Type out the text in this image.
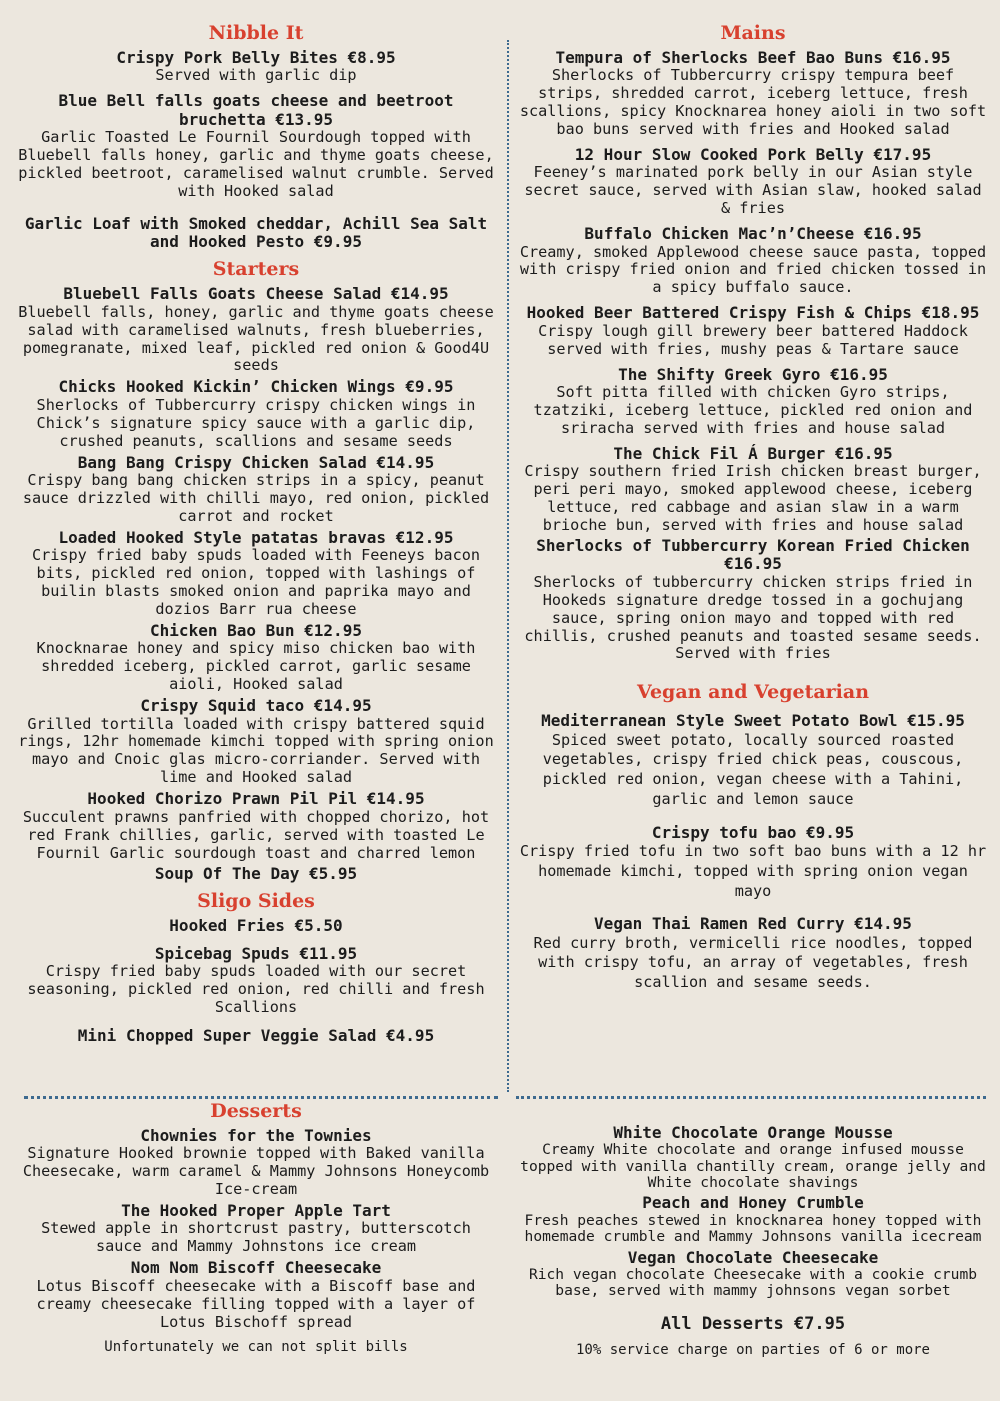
Nibble It
Crispy Pork Belly Bites €8.95
Served with garlic dip
Blue Bell falls goats cheese and beetroot bruchetta €13.95
Garlic Toasted Le Fournil Sourdough topped with Bluebell falls honey, garlic and thyme goats cheese, pickled beetroot, caramelised walnut crumble. Served with Hooked salad
Garlic Loaf with Smoked cheddar, Achill Sea Salt and Hooked Pesto €9.95
Starters
Bluebell Falls Goats Cheese Salad €14.95
Bluebell falls, honey, garlic and thyme goats cheese salad with caramelised walnuts, fresh blueberries, pomegranate, mixed leaf, pickled red onion & Good4U seeds
Chicks Hooked Kickin’ Chicken Wings €9.95
Sherlocks of Tubbercurry crispy chicken wings in Chick’s signature spicy sauce with a garlic dip, crushed peanuts, scallions and sesame seeds
Bang Bang Crispy Chicken Salad €14.95
Crispy bang bang chicken strips in a spicy, peanut sauce drizzled with chilli mayo, red onion, pickled carrot and rocket
Loaded Hooked Style patatas bravas €12.95
Crispy fried baby spuds loaded with Feeneys bacon bits, pickled red onion, topped with lashings of builin blasts smoked onion and paprika mayo and dozios Barr rua cheese
Chicken Bao Bun €12.95
Knocknarae honey and spicy miso chicken bao with shredded iceberg, pickled carrot, garlic sesame aioli, Hooked salad
Crispy Squid taco €14.95
Grilled tortilla loaded with crispy battered squid rings, 12hr homemade kimchi topped with spring onion mayo and Cnoic glas micro-corriander. Served with lime and Hooked salad
Hooked Chorizo Prawn Pil Pil €14.95
Succulent prawns panfried with chopped chorizo, hot red Frank chillies, garlic, served with toasted Le Fournil Garlic sourdough toast and charred lemon
Soup Of The Day €5.95
Sligo Sides
Hooked Fries €5.50
Spicebag Spuds €11.95
Crispy fried baby spuds loaded with our secret seasoning, pickled red onion, red chilli and fresh Scallions
Mini Chopped Super Veggie Salad €4.95
Mains
Tempura of Sherlocks Beef Bao Buns €16.95
Sherlocks of Tubbercurry crispy tempura beef strips, shredded carrot, iceberg lettuce, fresh scallions, spicy Knocknarea honey aioli in two soft bao buns served with fries and Hooked salad
12 Hour Slow Cooked Pork Belly €17.95
Feeney’s marinated pork belly in our Asian style secret sauce, served with Asian slaw, hooked salad & fries
Buffalo Chicken Mac’n’Cheese €16.95
Creamy, smoked Applewood cheese sauce pasta, topped with crispy fried onion and fried chicken tossed in a spicy buffalo sauce.
Hooked Beer Battered Crispy Fish & Chips €18.95
Crispy lough gill brewery beer battered Haddock served with fries, mushy peas & Tartare sauce
The Shifty Greek Gyro €16.95
Soft pitta filled with chicken Gyro strips, tzatziki, iceberg lettuce, pickled red onion and sriracha served with fries and house salad
The Chick Fil Á Burger €16.95
Crispy southern fried Irish chicken breast burger, peri peri mayo, smoked applewood cheese, iceberg lettuce, red cabbage and asian slaw in a warm brioche bun, served with fries and house salad
Sherlocks of Tubbercurry Korean Fried Chicken €16.95
Sherlocks of tubbercurry chicken strips fried in Hookeds signature dredge tossed in a gochujang sauce, spring onion mayo and topped with red chillis, crushed peanuts and toasted sesame seeds. Served with fries
Vegan and Vegetarian
Mediterranean Style Sweet Potato Bowl €15.95
Spiced sweet potato, locally sourced roasted vegetables, crispy fried chick peas, couscous, pickled red onion, vegan cheese with a Tahini, garlic and lemon sauce
Crispy tofu bao €9.95
Crispy fried tofu in two soft bao buns with a 12 hr homemade kimchi, topped with spring onion vegan mayo
Vegan Thai Ramen Red Curry €14.95
Red curry broth, vermicelli rice noodles, topped with crispy tofu, an array of vegetables, fresh scallion and sesame seeds.
Desserts
Chownies for the Townies
Signature Hooked brownie topped with Baked vanilla Cheesecake, warm caramel & Mammy Johnsons Honeycomb Ice-cream
The Hooked Proper Apple Tart
Stewed apple in shortcrust pastry, butterscotch sauce and Mammy Johnstons ice cream
Nom Nom Biscoff Cheesecake
Lotus Biscoff cheesecake with a Biscoff base and creamy cheesecake filling topped with a layer of Lotus Bischoff spread
Unfortunately we can not split bills
White Chocolate Orange Mousse
Creamy White chocolate and orange infused mousse topped with vanilla chantilly cream, orange jelly and White chocolate shavings
Peach and Honey Crumble
Fresh peaches stewed in knocknarea honey topped with homemade crumble and Mammy Johnsons vanilla icecream
Vegan Chocolate Cheesecake
Rich vegan chocolate Cheesecake with a cookie crumb base, served with mammy johnsons vegan sorbet
All Desserts €7.95
10% service charge on parties of 6 or more
